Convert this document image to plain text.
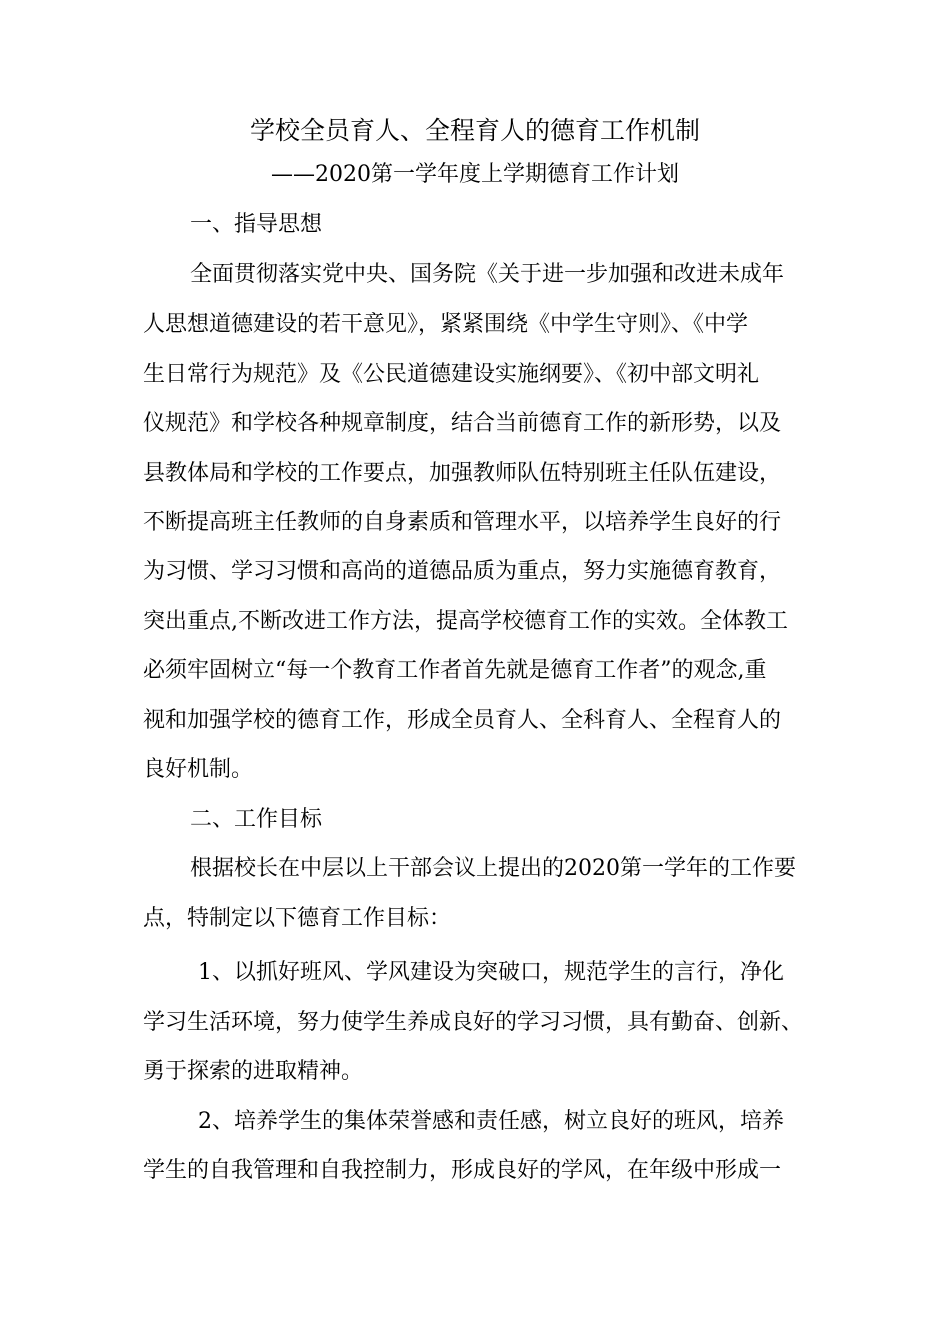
学校全员育人、全程育人的德育工作机制
——2020第一学年度上学期德育工作计划
一、指导思想
全面贯彻落实党中央、国务院《关于进一步加强和改进未成年
人思想道德建设的若干意见》，紧紧围绕《中学生守则》、《中学
生日常行为规范》及《公民道德建设实施纲要》、《初中部文明礼
仪规范》和学校各种规章制度，结合当前德育工作的新形势，以及
县教体局和学校的工作要点，加强教师队伍特别班主任队伍建设，
不断提高班主任教师的自身素质和管理水平，以培养学生良好的行
为习惯、学习习惯和高尚的道德品质为重点，努力实施德育教育，
突出重点,不断改进工作方法，提高学校德育工作的实效。全体教工
必须牢固树立“每一个教育工作者首先就是德育工作者”的观念,重
视和加强学校的德育工作，形成全员育人、全科育人、全程育人的
良好机制。
二、工作目标
根据校长在中层以上干部会议上提出的2020第一学年的工作要
点，特制定以下德育工作目标：
1、以抓好班风、学风建设为突破口，规范学生的言行，净化
学习生活环境，努力使学生养成良好的学习习惯，具有勤奋、创新、
勇于探索的进取精神。
2、培养学生的集体荣誉感和责任感，树立良好的班风，培养
学生的自我管理和自我控制力，形成良好的学风，在年级中形成一
